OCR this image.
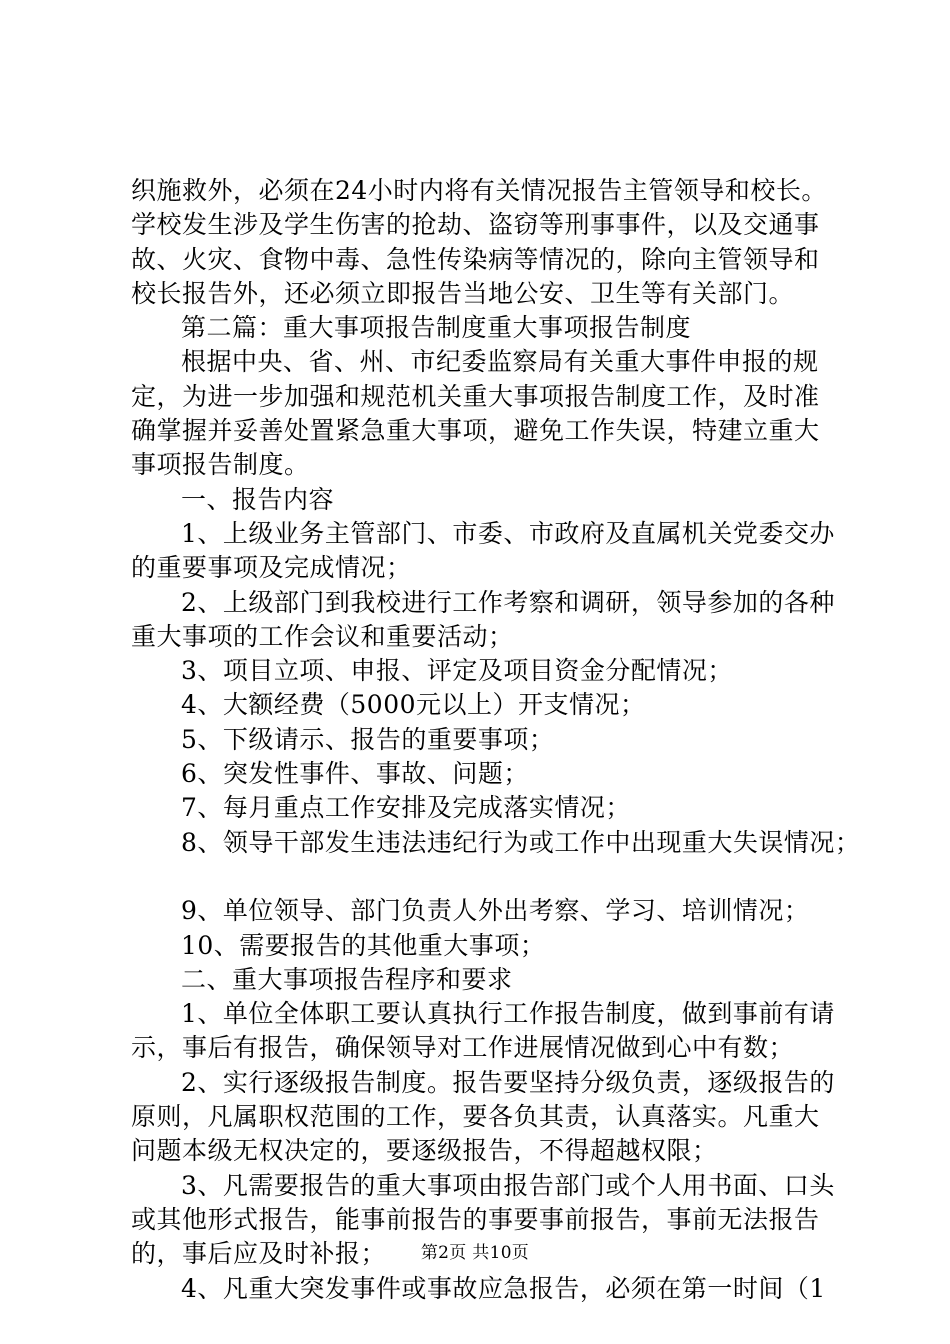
织施救外，必须在24小时内将有关情况报告主管领导和校长。
学校发生涉及学生伤害的抢劫、盗窃等刑事事件，以及交通事
故、火灾、食物中毒、急性传染病等情况的，除向主管领导和
校长报告外，还必须立即报告当地公安、卫生等有关部门。
第二篇：重大事项报告制度重大事项报告制度
根据中央、省、州、市纪委监察局有关重大事件申报的规
定，为进一步加强和规范机关重大事项报告制度工作，及时准
确掌握并妥善处置紧急重大事项，避免工作失误，特建立重大
事项报告制度。
一、报告内容
1、上级业务主管部门、市委、市政府及直属机关党委交办
的重要事项及完成情况；
2、上级部门到我校进行工作考察和调研，领导参加的各种
重大事项的工作会议和重要活动；
3、项目立项、申报、评定及项目资金分配情况；
4、大额经费（5000元以上）开支情况；
5、下级请示、报告的重要事项；
6、突发性事件、事故、问题；
7、每月重点工作安排及完成落实情况；
8、领导干部发生违法违纪行为或工作中出现重大失误情况；
9、单位领导、部门负责人外出考察、学习、培训情况；
10、需要报告的其他重大事项；
二、重大事项报告程序和要求
1、单位全体职工要认真执行工作报告制度，做到事前有请
示，事后有报告，确保领导对工作进展情况做到心中有数；
2、实行逐级报告制度。报告要坚持分级负责，逐级报告的
原则，凡属职权范围的工作，要各负其责，认真落实。凡重大
问题本级无权决定的，要逐级报告，不得超越权限；
3、凡需要报告的重大事项由报告部门或个人用书面、口头
或其他形式报告，能事前报告的事要事前报告，事前无法报告
的，事后应及时补报；
4、凡重大突发事件或事故应急报告，必须在第一时间（1
第2页 共10页
